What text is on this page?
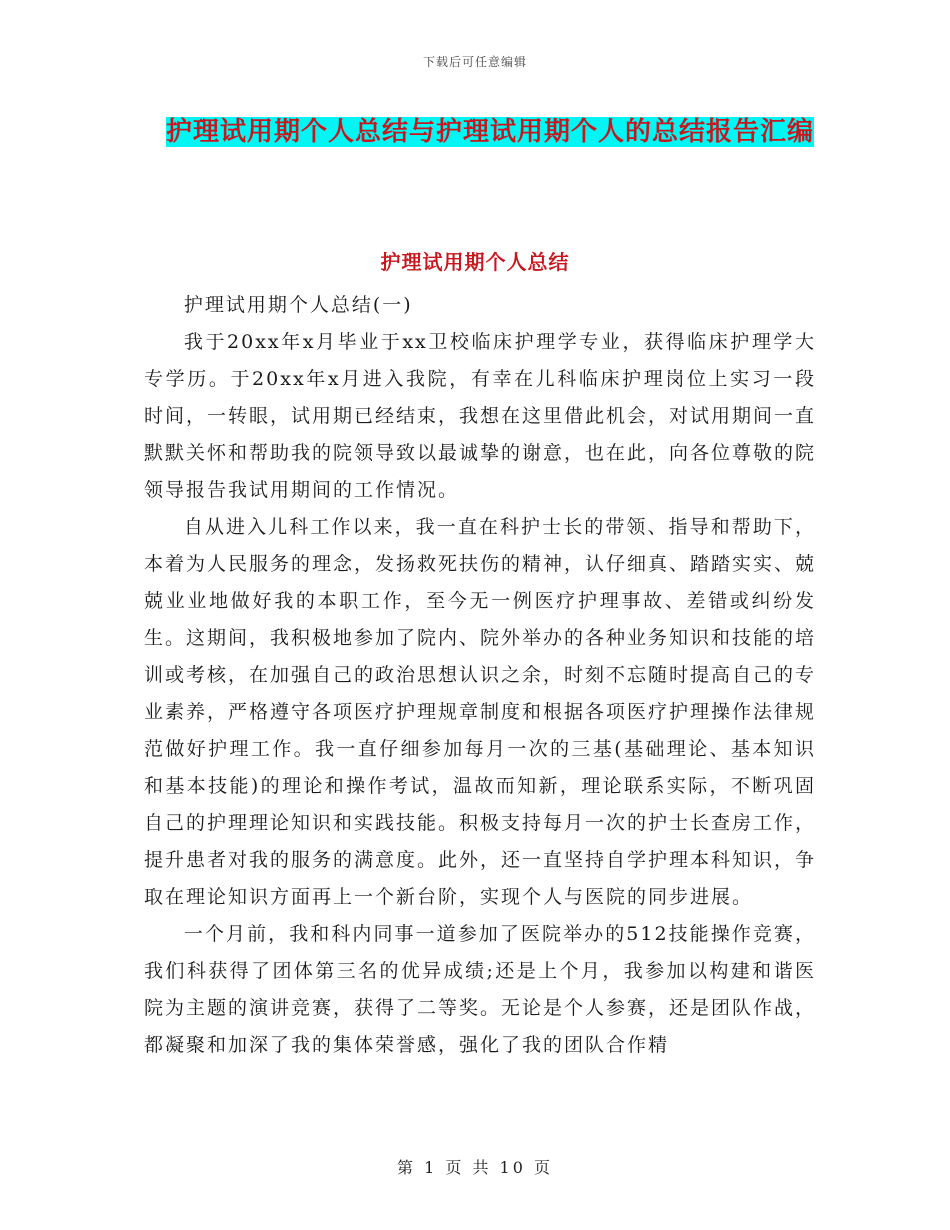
下载后可任意编辑
护理试用期个人总结与护理试用期个人的总结报告汇编
护理试用期个人总结

护理试用期个人总结(一)

我于20xx年x月毕业于xx卫校临床护理学专业，获得临床护理学大专学历。于20xx年x月进入我院，有幸在儿科临床护理岗位上实习一段时间，一转眼，试用期已经结束，我想在这里借此机会，对试用期间一直默默关怀和帮助我的院领导致以最诚挚的谢意，也在此，向各位尊敬的院领导报告我试用期间的工作情况。

自从进入儿科工作以来，我一直在科护士长的带领、指导和帮助下，本着为人民服务的理念，发扬救死扶伤的精神，认仔细真、踏踏实实、兢兢业业地做好我的本职工作，至今无一例医疗护理事故、差错或纠纷发生。这期间，我积极地参加了院内、院外举办的各种业务知识和技能的培训或考核，在加强自己的政治思想认识之余，时刻不忘随时提高自己的专业素养，严格遵守各项医疗护理规章制度和根据各项医疗护理操作法律规范做好护理工作。我一直仔细参加每月一次的三基(基础理论、基本知识和基本技能)的理论和操作考试，温故而知新，理论联系实际，不断巩固自己的护理理论知识和实践技能。积极支持每月一次的护士长查房工作，提升患者对我的服务的满意度。此外，还一直坚持自学护理本科知识，争取在理论知识方面再上一个新台阶，实现个人与医院的同步进展。

一个月前，我和科内同事一道参加了医院举办的512技能操作竞赛，我们科获得了团体第三名的优异成绩;还是上个月，我参加以构建和谐医院为主题的演讲竞赛，获得了二等奖。无论是个人参赛，还是团队作战，都凝聚和加深了我的集体荣誉感，强化了我的团队合作精

第 1 页 共 10 页
